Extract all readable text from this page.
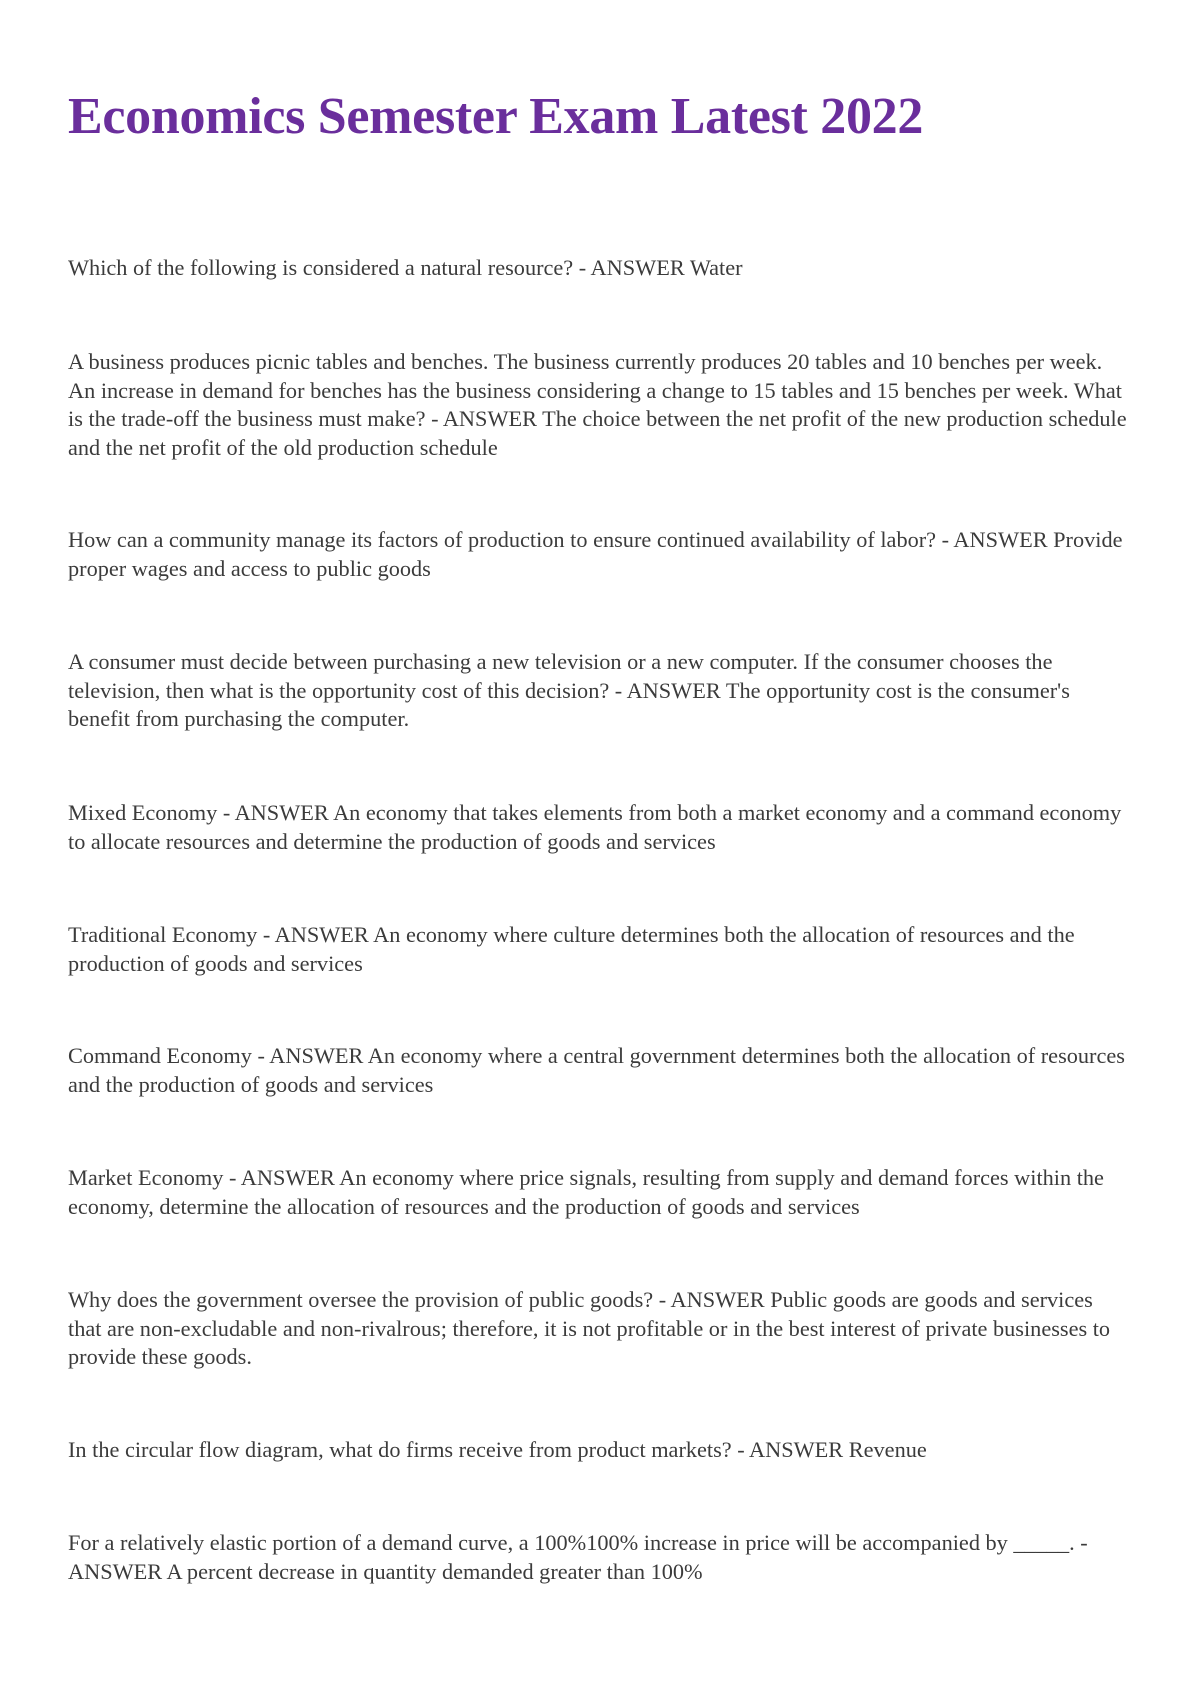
Economics Semester Exam Latest 2022

Which of the following is considered a natural resource? - ANSWER Water

A business produces picnic tables and benches. The business currently produces 20 tables and 10 benches per week. An increase in demand for benches has the business considering a change to 15 tables and 15 benches per week. What is the trade-off the business must make? - ANSWER The choice between the net profit of the new production schedule and the net profit of the old production schedule

How can a community manage its factors of production to ensure continued availability of labor? - ANSWER Provide proper wages and access to public goods

A consumer must decide between purchasing a new television or a new computer. If the consumer chooses the television, then what is the opportunity cost of this decision? - ANSWER The opportunity cost is the consumer's benefit from purchasing the computer.

Mixed Economy - ANSWER An economy that takes elements from both a market economy and a command economy to allocate resources and determine the production of goods and services

Traditional Economy - ANSWER An economy where culture determines both the allocation of resources and the production of goods and services

Command Economy - ANSWER An economy where a central government determines both the allocation of resources and the production of goods and services

Market Economy - ANSWER An economy where price signals, resulting from supply and demand forces within the economy, determine the allocation of resources and the production of goods and services

Why does the government oversee the provision of public goods? - ANSWER Public goods are goods and services that are non-excludable and non-rivalrous; therefore, it is not profitable or in the best interest of private businesses to provide these goods.

In the circular flow diagram, what do firms receive from product markets? - ANSWER Revenue

For a relatively elastic portion of a demand curve, a 100%100% increase in price will be accompanied by _____. - ANSWER A percent decrease in quantity demanded greater than 100%
